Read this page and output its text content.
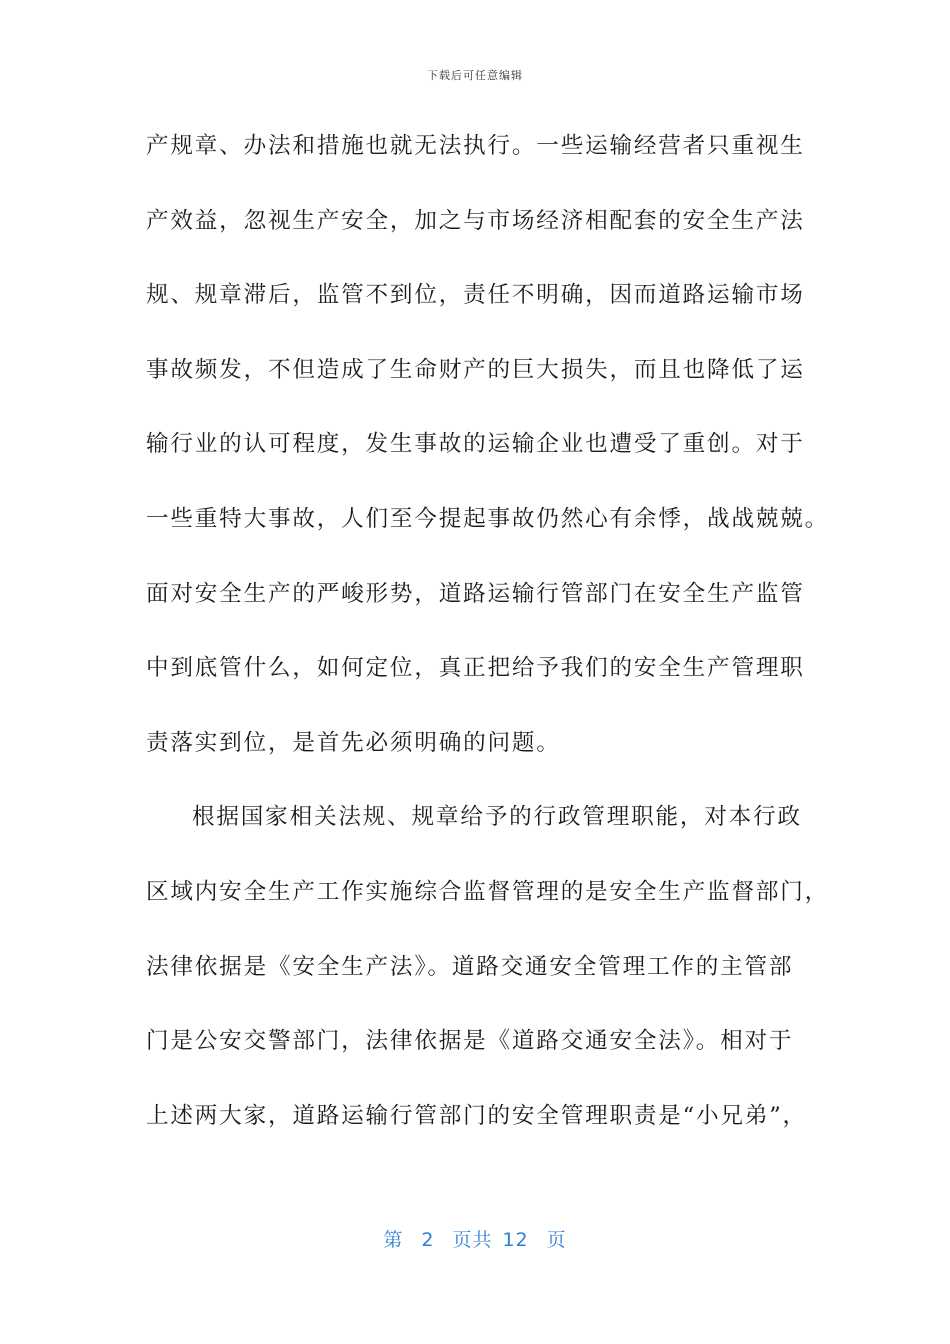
下载后可任意编辑
产规章、办法和措施也就无法执行。一些运输经营者只重视生
产效益，忽视生产安全，加之与市场经济相配套的安全生产法
规、规章滞后，监管不到位，责任不明确，因而道路运输市场
事故频发，不但造成了生命财产的巨大损失，而且也降低了运
输行业的认可程度，发生事故的运输企业也遭受了重创。对于
一些重特大事故，人们至今提起事故仍然心有余悸，战战兢兢。
面对安全生产的严峻形势，道路运输行管部门在安全生产监管
中到底管什么，如何定位，真正把给予我们的安全生产管理职
责落实到位，是首先必须明确的问题。
根据国家相关法规、规章给予的行政管理职能，对本行政
区域内安全生产工作实施综合监督管理的是安全生产监督部门，
法律依据是《安全生产法》。道路交通安全管理工作的主管部
门是公安交警部门，法律依据是《道路交通安全法》。相对于
上述两大家，道路运输行管部门的安全管理职责是“小兄弟”，
第 2 页共 12 页
